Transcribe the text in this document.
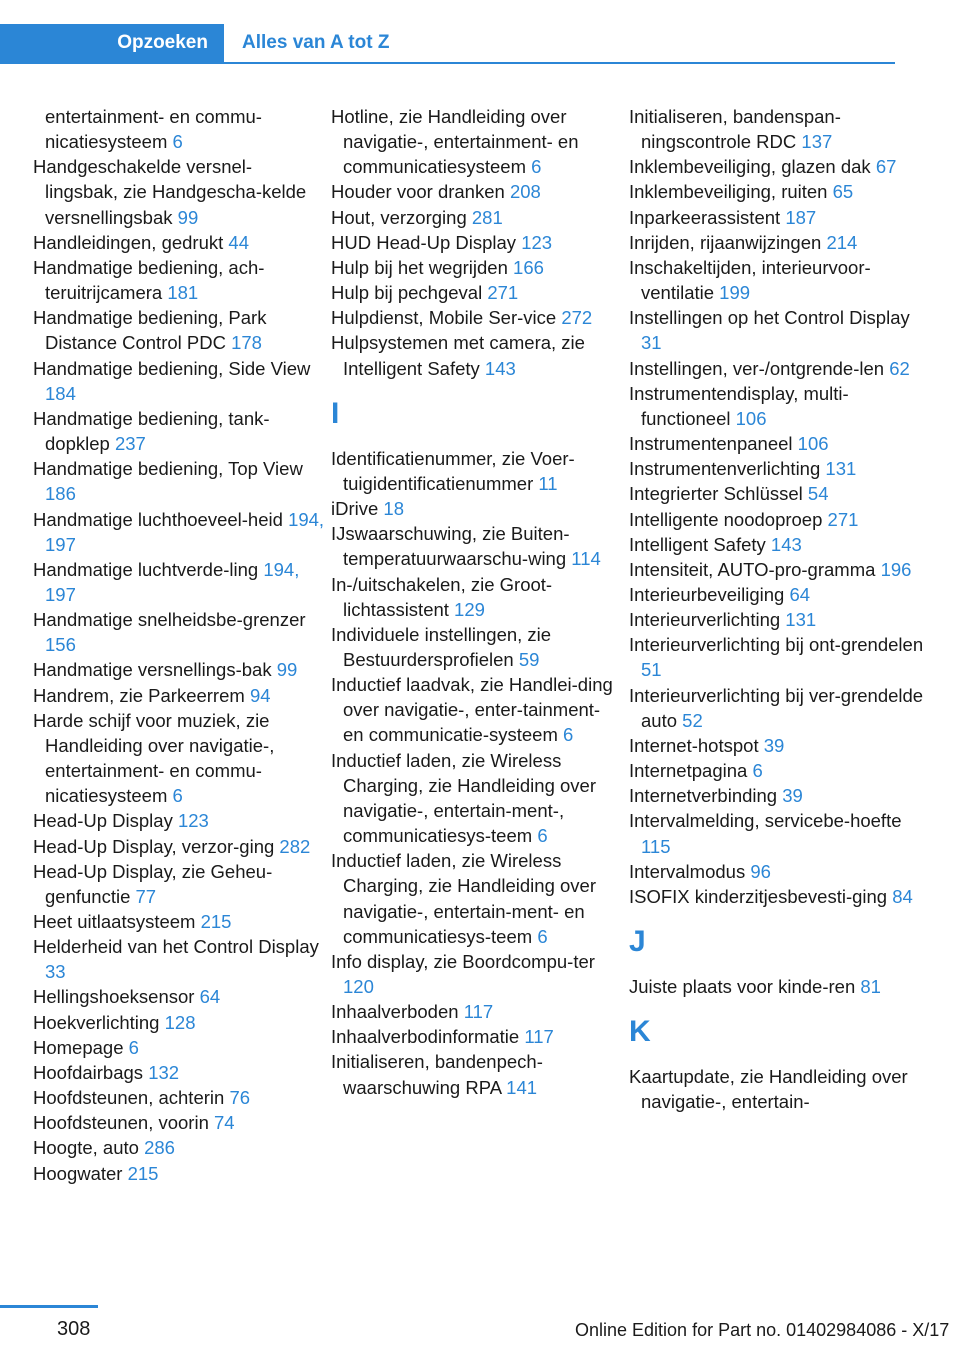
Opzoeken	Alles van A tot Z
entertainment- en commu-nicatiesysteem 6
Handgeschakelde versnel-lingsbak, zie Handgescha-kelde versnellingsbak 99
Handleidingen, gedrukt 44
Handmatige bediening, ach-teruitrijcamera 181
Handmatige bediening, Park Distance Control PDC 178
Handmatige bediening, Side View 184
Handmatige bediening, tank-dopklep 237
Handmatige bediening, Top View 186
Handmatige luchthoeveel-heid 194, 197
Handmatige luchtverde-ling 194, 197
Handmatige snelheidsbe-grenzer 156
Handmatige versnellings-bak 99
Handrem, zie Parkeerrem 94
Harde schijf voor muziek, zie Handleiding over navigatie-, entertainment- en commu-nicatiesysteem 6
Head-Up Display 123
Head-Up Display, verzor-ging 282
Head-Up Display, zie Geheu-genfunctie 77
Heet uitlaatsysteem 215
Helderheid van het Control Display 33
Hellingshoeksensor 64
Hoekverlichting 128
Homepage 6
Hoofdairbags 132
Hoofdsteunen, achterin 76
Hoofdsteunen, voorin 74
Hoogte, auto 286
Hoogwater 215
Hotline, zie Handleiding over navigatie-, entertainment- en communicatiesysteem 6
Houder voor dranken 208
Hout, verzorging 281
HUD Head-Up Display 123
Hulp bij het wegrijden 166
Hulp bij pechgeval 271
Hulpdienst, Mobile Ser-vice 272
Hulpsystemen met camera, zie Intelligent Safety 143
I
Identificatienummer, zie Voer-tuigidentificatienummer 11
iDrive 18
IJswaarschuwing, zie Buiten-temperatuurwaarschu-wing 114
In-/uitschakelen, zie Groot-lichtassistent 129
Individuele instellingen, zie Bestuurdersprofielen 59
Inductief laadvak, zie Handlei-ding over navigatie-, enter-tainment- en communicatie-systeem 6
Inductief laden, zie Wireless Charging, zie Handleiding over navigatie-, entertain-ment-, communicatiesys-teem 6
Inductief laden, zie Wireless Charging, zie Handleiding over navigatie-, entertain-ment- en communicatiesys-teem 6
Info display, zie Boordcompu-ter 120
Inhaalverboden 117
Inhaalverbodinformatie 117
Initialiseren, bandenpech-waarschuwing RPA 141
Initialiseren, bandenspan-ningscontrole RDC 137
Inklembeveiliging, glazen dak 67
Inklembeveiliging, ruiten 65
Inparkeerassistent 187
Inrijden, rijaanwijzingen 214
Inschakeltijden, interieurvoor-ventilatie 199
Instellingen op het Control Display 31
Instellingen, ver-/ontgrende-len 62
Instrumentendisplay, multi-functioneel 106
Instrumentenpaneel 106
Instrumentenverlichting 131
Integrierter Schlüssel 54
Intelligente noodoproep 271
Intelligent Safety 143
Intensiteit, AUTO-pro-gramma 196
Interieurbeveiliging 64
Interieurverlichting 131
Interieurverlichting bij ont-grendelen 51
Interieurverlichting bij ver-grendelde auto 52
Internet-hotspot 39
Internetpagina 6
Internetverbinding 39
Intervalmelding, servicebe-hoefte 115
Intervalmodus 96
ISOFIX kinderzitjesbevesti-ging 84
J
Juiste plaats voor kinde-ren 81
K
Kaartupdate, zie Handleiding over navigatie-, entertain-
308	Online Edition for Part no. 01402984086 - X/17
